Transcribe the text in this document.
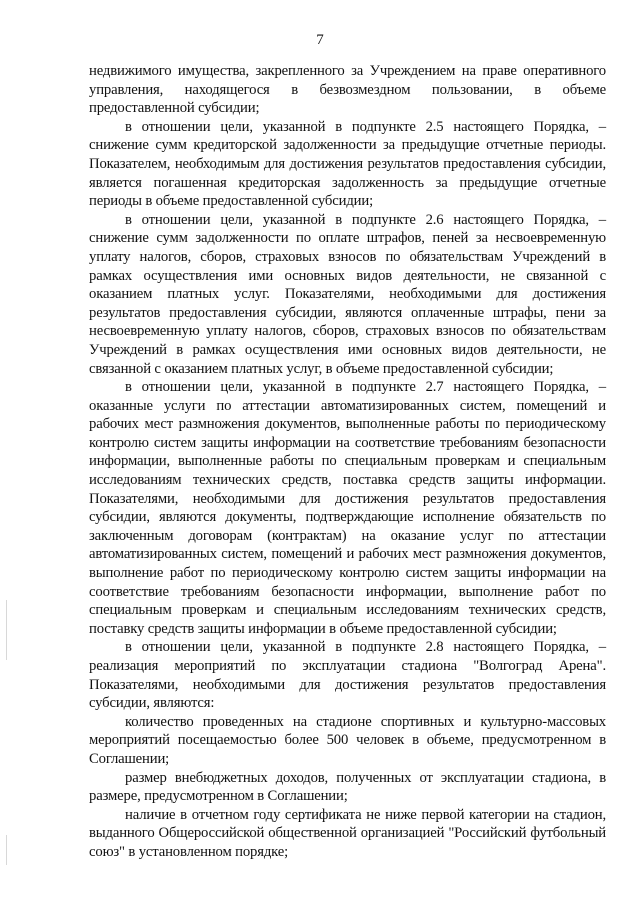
7

недвижимого имущества, закрепленного за Учреждением на праве оперативного управления, находящегося в безвозмездном пользовании, в объеме предоставленной субсидии;

в отношении цели, указанной в подпункте 2.5 настоящего Порядка, – снижение сумм кредиторской задолженности за предыдущие отчетные периоды. Показателем, необходимым для достижения результатов предоставления субсидии, является погашенная кредиторская задолженность за предыдущие отчетные периоды в объеме предоставленной субсидии;

в отношении цели, указанной в подпункте 2.6 настоящего Порядка, – снижение сумм задолженности по оплате штрафов, пеней за несвоевременную уплату налогов, сборов, страховых взносов по обязательствам Учреждений в рамках осуществления ими основных видов деятельности, не связанной с оказанием платных услуг. Показателями, необходимыми для достижения результатов предоставления субсидии, являются оплаченные штрафы, пени за несвоевременную уплату налогов, сборов, страховых взносов по обязательствам Учреждений в рамках осуществления ими основных видов деятельности, не связанной с оказанием платных услуг, в объеме предоставленной субсидии;

в отношении цели, указанной в подпункте 2.7 настоящего Порядка, – оказанные услуги по аттестации автоматизированных систем, помещений и рабочих мест размножения документов, выполненные работы по периодическому контролю систем защиты информации на соответствие требованиям безопасности информации, выполненные работы по специальным проверкам и специальным исследованиям технических средств, поставка средств защиты информации. Показателями, необходимыми для достижения результатов предоставления субсидии, являются документы, подтверждающие исполнение обязательств по заключенным договорам (контрактам) на оказание услуг по аттестации автоматизированных систем, помещений и рабочих мест размножения документов, выполнение работ по периодическому контролю систем защиты информации на соответствие требованиям безопасности информации, выполнение работ по специальным проверкам и специальным исследованиям технических средств, поставку средств защиты информации в объеме предоставленной субсидии;

в отношении цели, указанной в подпункте 2.8 настоящего Порядка, – реализация мероприятий по эксплуатации стадиона "Волгоград Арена". Показателями, необходимыми для достижения результатов предоставления субсидии, являются:

количество проведенных на стадионе спортивных и культурно-массовых мероприятий посещаемостью более 500 человек в объеме, предусмотренном в Соглашении;

размер внебюджетных доходов, полученных от эксплуатации стадиона, в размере, предусмотренном в Соглашении;

наличие в отчетном году сертификата не ниже первой категории на стадион, выданного Общероссийской общественной организацией "Российский футбольный союз" в установленном порядке;
